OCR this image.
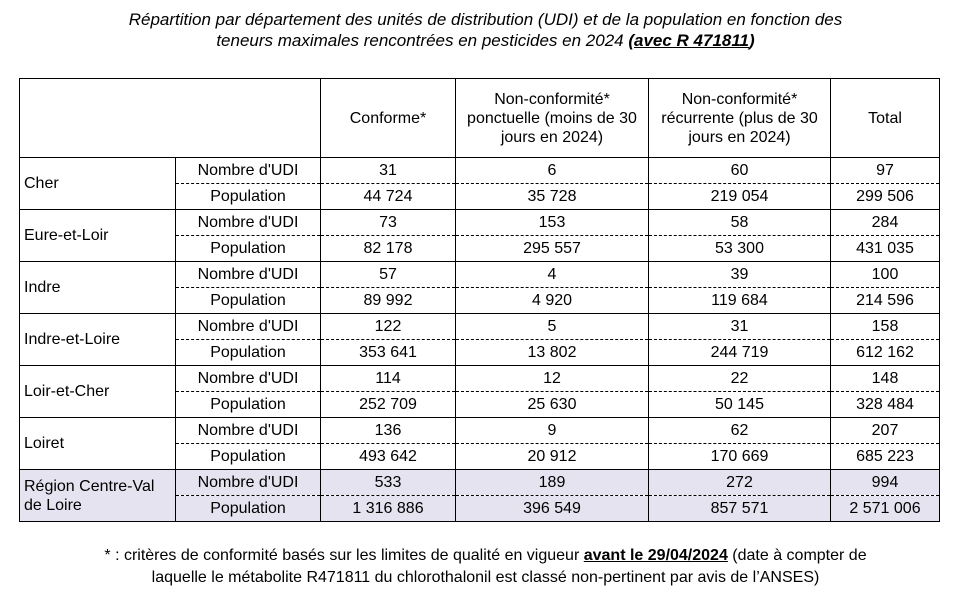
Répartition par département des unités de distribution (UDI) et de la population en fonction des
teneurs maximales rencontrées en pesticides en 2024 (avec R 471811)
		Conforme*	Non-conformité* ponctuelle (moins de 30 jours en 2024)	Non-conformité* récurrente (plus de 30 jours en 2024)	Total
Cher	Nombre d'UDI	31	6	60	97
	Population	44 724	35 728	219 054	299 506
Eure-et-Loir	Nombre d'UDI	73	153	58	284
	Population	82 178	295 557	53 300	431 035
Indre	Nombre d'UDI	57	4	39	100
	Population	89 992	4 920	119 684	214 596
Indre-et-Loire	Nombre d'UDI	122	5	31	158
	Population	353 641	13 802	244 719	612 162
Loir-et-Cher	Nombre d'UDI	114	12	22	148
	Population	252 709	25 630	50 145	328 484
Loiret	Nombre d'UDI	136	9	62	207
	Population	493 642	20 912	170 669	685 223
Région Centre-Val de Loire	Nombre d'UDI	533	189	272	994
	Population	1 316 886	396 549	857 571	2 571 006
* : critères de conformité basés sur les limites de qualité en vigueur avant le 29/04/2024 (date à compter de
laquelle le métabolite R471811 du chlorothalonil est classé non-pertinent par avis de l’ANSES)
